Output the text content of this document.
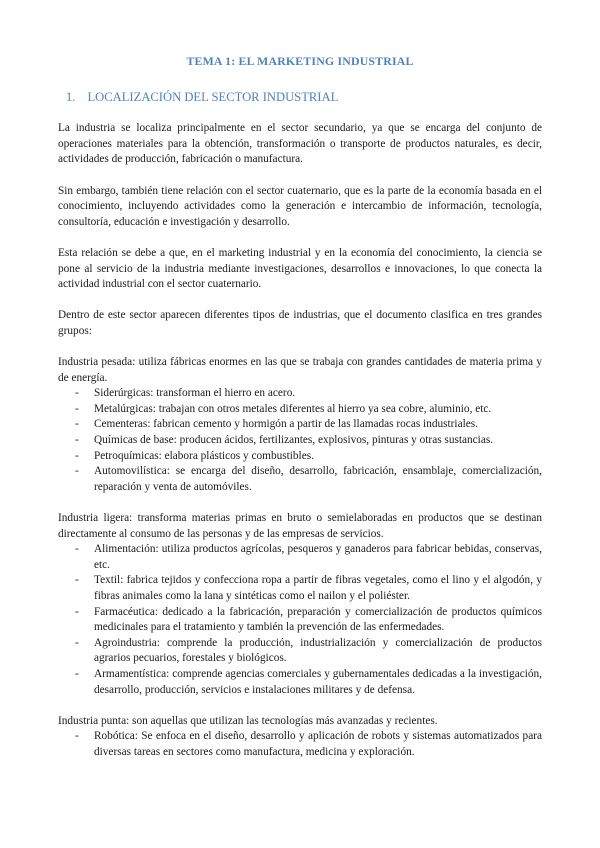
TEMA 1: EL MARKETING INDUSTRIAL
1. LOCALIZACIÓN DEL SECTOR INDUSTRIAL

La industria se localiza principalmente en el sector secundario, ya que se encarga del conjunto de operaciones materiales para la obtención, transformación o transporte de productos naturales, es decir, actividades de producción, fabricación o manufactura.

Sin embargo, también tiene relación con el sector cuaternario, que es la parte de la economía basada en el conocimiento, incluyendo actividades como la generación e intercambio de información, tecnología, consultoría, educación e investigación y desarrollo.

Esta relación se debe a que, en el marketing industrial y en la economía del conocimiento, la ciencia se pone al servicio de la industria mediante investigaciones, desarrollos e innovaciones, lo que conecta la actividad industrial con el sector cuaternario.

Dentro de este sector aparecen diferentes tipos de industrias, que el documento clasifica en tres grandes grupos:

Industria pesada: utiliza fábricas enormes en las que se trabaja con grandes cantidades de materia prima y de energía.
- Siderúrgicas: transforman el hierro en acero.
- Metalúrgicas: trabajan con otros metales diferentes al hierro ya sea cobre, aluminio, etc.
- Cementeras: fabrican cemento y hormigón a partir de las llamadas rocas industriales.
- Químicas de base: producen ácidos, fertilizantes, explosivos, pinturas y otras sustancias.
- Petroquímicas: elabora plásticos y combustibles.
- Automovilística: se encarga del diseño, desarrollo, fabricación, ensamblaje, comercialización, reparación y venta de automóviles.
Industria ligera: transforma materias primas en bruto o semielaboradas en productos que se destinan directamente al consumo de las personas y de las empresas de servicios.
- Alimentación: utiliza productos agrícolas, pesqueros y ganaderos para fabricar bebidas, conservas, etc.
- Textil: fabrica tejidos y confecciona ropa a partir de fibras vegetales, como el lino y el algodón, y fibras animales como la lana y sintéticas como el nailon y el poliéster.
- Farmacéutica: dedicado a la fabricación, preparación y comercialización de productos químicos medicinales para el tratamiento y también la prevención de las enfermedades.
- Agroindustria: comprende la producción, industrialización y comercialización de productos agrarios pecuarios, forestales y biológicos.
- Armamentística: comprende agencias comerciales y gubernamentales dedicadas a la investigación, desarrollo, producción, servicios e instalaciones militares y de defensa.
Industria punta: son aquellas que utilizan las tecnologías más avanzadas y recientes.
- Robótica: Se enfoca en el diseño, desarrollo y aplicación de robots y sistemas automatizados para diversas tareas en sectores como manufactura, medicina y exploración.
